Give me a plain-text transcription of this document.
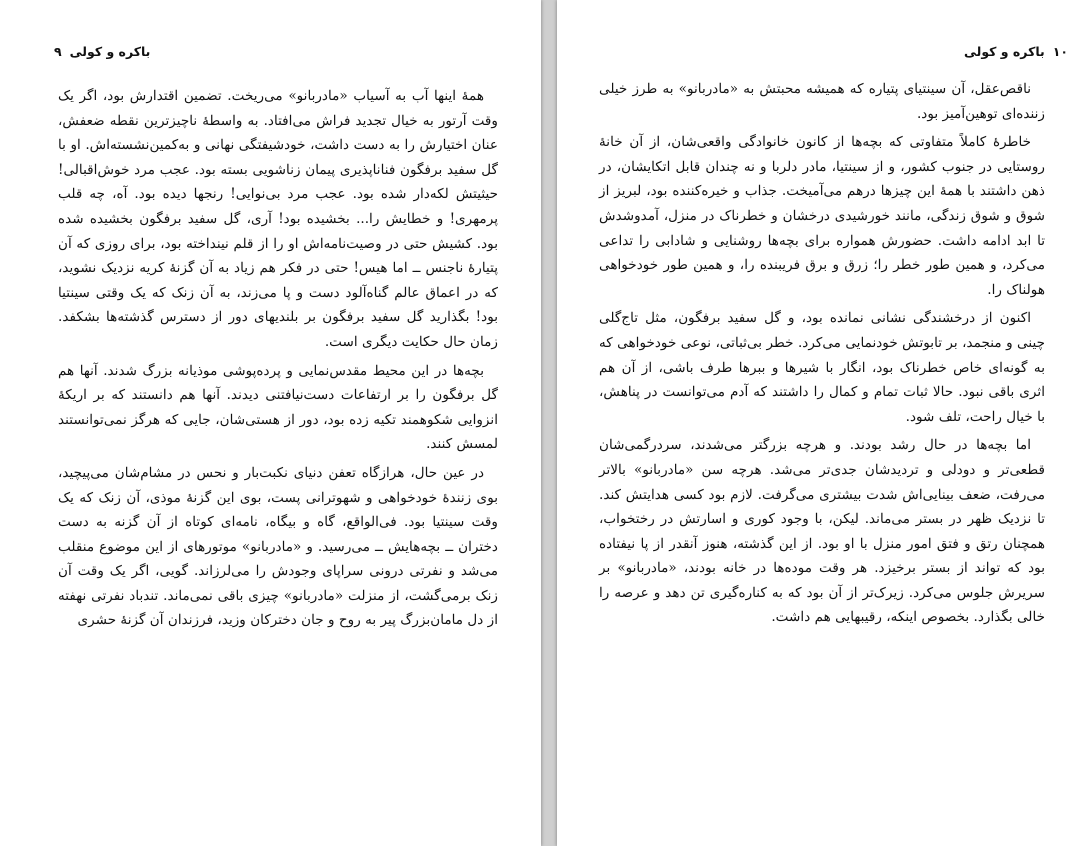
باکره و کولی
۹

همهٔ اینها آب به آسیاب «مادربانو» می‌ریخت. تضمین اقتدارش بود، اگر یک وقت آرتور به خیال تجدید فراش می‌افتاد. به واسطهٔ ناچیزترین نقطه ضعفش، عنان اختیارش را به دست داشت، خودشیفتگی نهانی و به‌کمین‌نشسته‌اش. او با گل سفید برفگون فناناپذیری پیمان زناشویی بسته بود. عجب مرد خوش‌اقبالی! حیثیتش لکه‌دار شده بود. عجب مرد بی‌نوایی! رنجها دیده بود. آه، چه قلب پرمهری! و خطایش را... بخشیده بود! آری، گل سفید برفگون بخشیده شده بود. کشیش حتی در وصیت‌نامه‌اش او را از قلم نینداخته بود، برای روزی که آن پتیارهٔ ناجنس ــ اما هیس! حتی در فکر هم زیاد به آن گزنهٔ کریه نزدیک نشوید، که در اعماق عالم گناه‌آلود دست و پا می‌زند، به آن زنک که یک وقتی سینتیا بود! بگذارید گل سفید برفگون بر بلندیهای دور از دسترس گذشته‌ها بشکفد. زمان حال حکایت دیگری است.

بچه‌ها در این محیط مقدس‌نمایی و پرده‌پوشی موذیانه بزرگ شدند. آنها هم گل برفگون را بر ارتفاعات دست‌نیافتنی دیدند. آنها هم دانستند که بر اریکهٔ انزوایی شکوهمند تکیه زده بود، دور از هستی‌شان، جایی که هرگز نمی‌توانستند لمسش کنند.

در عین حال، هرازگاه تعفن دنیای نکبت‌بار و نحس در مشام‌شان می‌پیچید، بوی زنندهٔ خودخواهی و شهوترانی پست، بوی این گزنهٔ موذی، آن زنک که یک وقت سینتیا بود. فی‌الواقع، گاه و بیگاه، نامه‌ای کوتاه از آن گزنه به دست دختران ــ بچه‌هایش ــ می‌رسید. و «مادربانو» موتورهای از این موضوع منقلب می‌شد و نفرتی درونی سراپای وجودش را می‌لرزاند. گویی، اگر یک وقت آن زنک برمی‌گشت، از منزلت «مادربانو» چیزی باقی نمی‌ماند. تندباد نفرتی نهفته از دل مامان‌بزرگ پیر به روح و جان دخترکان وزید، فرزندان آن گزنهٔ حشری

۱۰
باکره و کولی

ناقص‌عقل، آن سینتیای پتیاره که همیشه محبتش به «مادربانو» به طرز خیلی زننده‌ای توهین‌آمیز بود.

خاطرهٔ کاملاً متفاوتی که بچه‌ها از کانون خانوادگی واقعی‌شان، از آن خانهٔ روستایی در جنوب کشور، و از سینتیا، مادر دلربا و نه چندان قابل اتکایشان، در ذهن داشتند با همهٔ این چیزها درهم می‌آمیخت. جذاب و خیره‌کننده بود، لبریز از شوق و شوق زندگی، مانند خورشیدی درخشان و خطرناک در منزل، آمدوشدش تا ابد ادامه داشت. حضورش همواره برای بچه‌ها روشنایی و شادابی را تداعی می‌کرد، و همین طور خطر را؛ زرق و برق فریبنده را، و همین طور خودخواهی هولناک را.

اکنون از درخشندگی نشانی نمانده بود، و گل سفید برفگون، مثل تاج‌گلی چینی و منجمد، بر تابوتش خودنمایی می‌کرد. خطر بی‌ثباتی، نوعی خودخواهی که به گونه‌ای خاص خطرناک بود، انگار با شیرها و ببرها طرف باشی، از آن هم اثری باقی نبود. حالا ثبات تمام و کمال را داشتند که آدم می‌توانست در پناهش، با خیال راحت، تلف شود.

اما بچه‌ها در حال رشد بودند. و هرچه بزرگتر می‌شدند، سردرگمی‌شان قطعی‌تر و دودلی و تردیدشان جدی‌تر می‌شد. هرچه سن «مادربانو» بالاتر می‌رفت، ضعف بینایی‌اش شدت بیشتری می‌گرفت. لازم بود کسی هدایتش کند. تا نزدیک ظهر در بستر می‌ماند. لیکن، با وجود کوری و اسارتش در رختخواب، همچنان رتق و فتق امور منزل با او بود. از این گذشته، هنوز آنقدر از پا نیفتاده بود که تواند از بستر برخیزد. هر وقت موده‌ها در خانه بودند، «مادربانو» بر سریرش جلوس می‌کرد. زیرک‌تر از آن بود که به کناره‌گیری تن دهد و عرصه را خالی بگذارد. بخصوص اینکه، رقیبهایی هم داشت.
